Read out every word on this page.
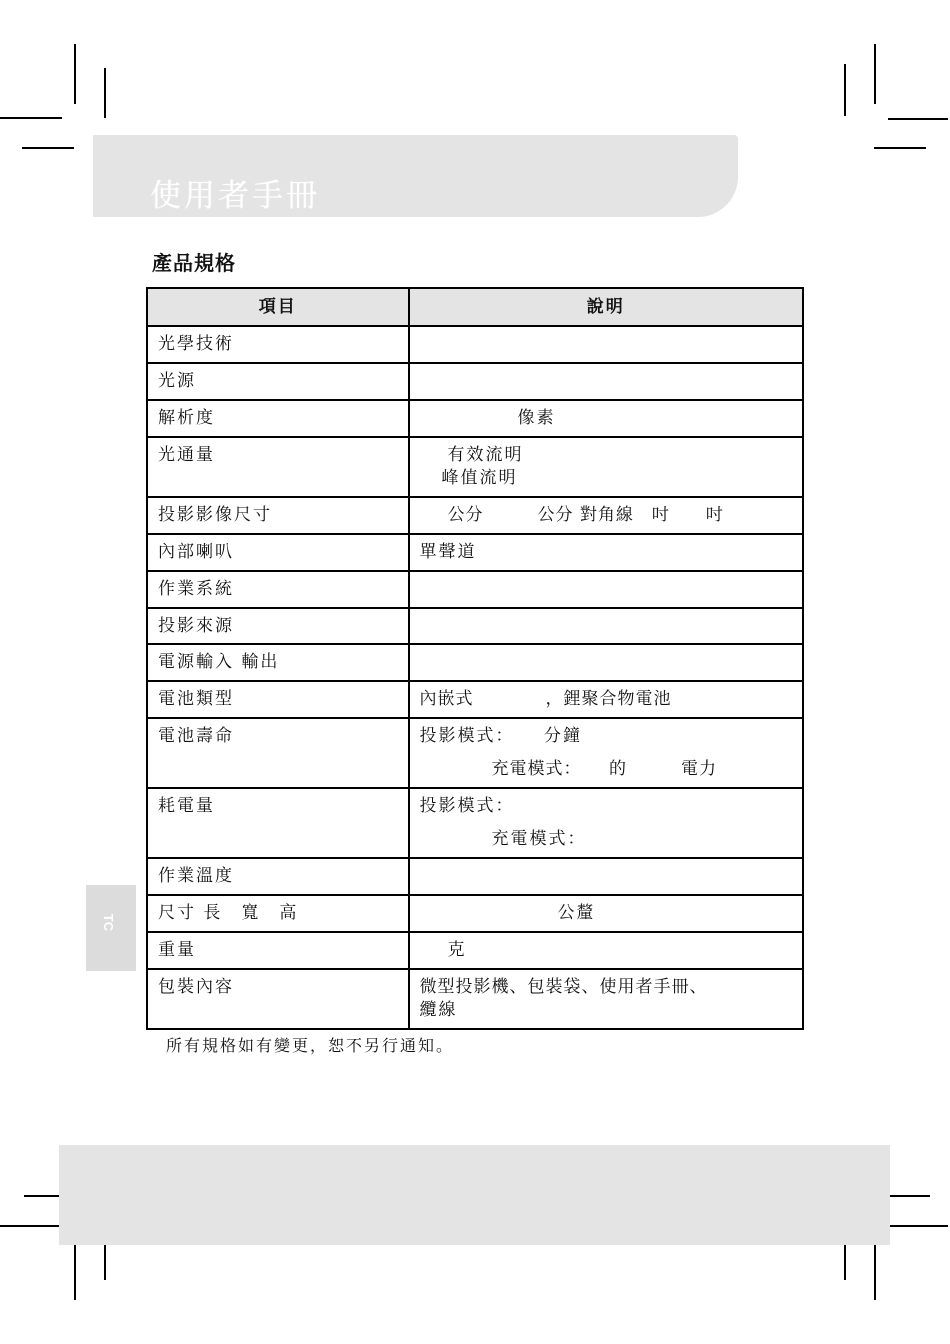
使用者手冊
產品規格
項目	說明
光學技術	
光源	
解析度	像素

光通量	有效流明
峰值流明

投影影像尺寸	公分　　　公分 對角線　吋　　吋

內部喇叭	單聲道
作業系統	
投影來源	
電源輸入 輸出	
電池類型	內嵌式　　　　，鋰聚合物電池

電池壽命	投影模式：　　分鐘
充電模式：　　的　　　電力

耗電量	投影模式：
充電模式：

作業溫度	
尺寸 長　寬　高	公釐

重量	克

包裝內容	微型投影機、包裝袋、使用者手冊、
纜線
所有規格如有變更，恕不另行通知。
TC
